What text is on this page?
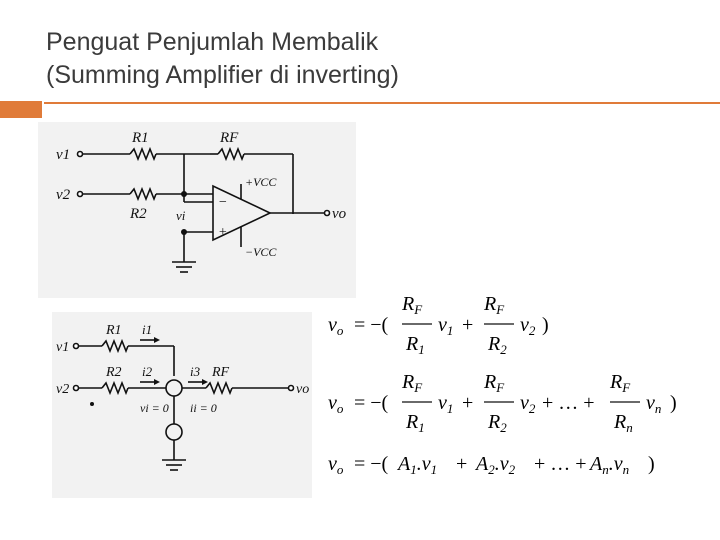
Penguat Penjumlah Membalik
(Summing Amplifier di inverting)
v1
v2
R1
R2
RF
vi	vo
+VCC
−VCC
−
+
v1
v2
R1
R2	RF
i1
i2	i3
vo
vi = 0 ii = 0
$v_o$ = −(
$R_F$
$R_1$
$v_1$ +
$R_F$
$R_2$
$v_2$ )
$v_o$ = −(
$R_F$
$R_1$
$v_1$ +
$R_F$
$R_2$
$v_2$ + … +
$R_F$
$R_n$
$v_n$ )
$v_o$ = −( $A_1.v_1 + A_2.v_2$ + … + $A_n.v_n$ )
